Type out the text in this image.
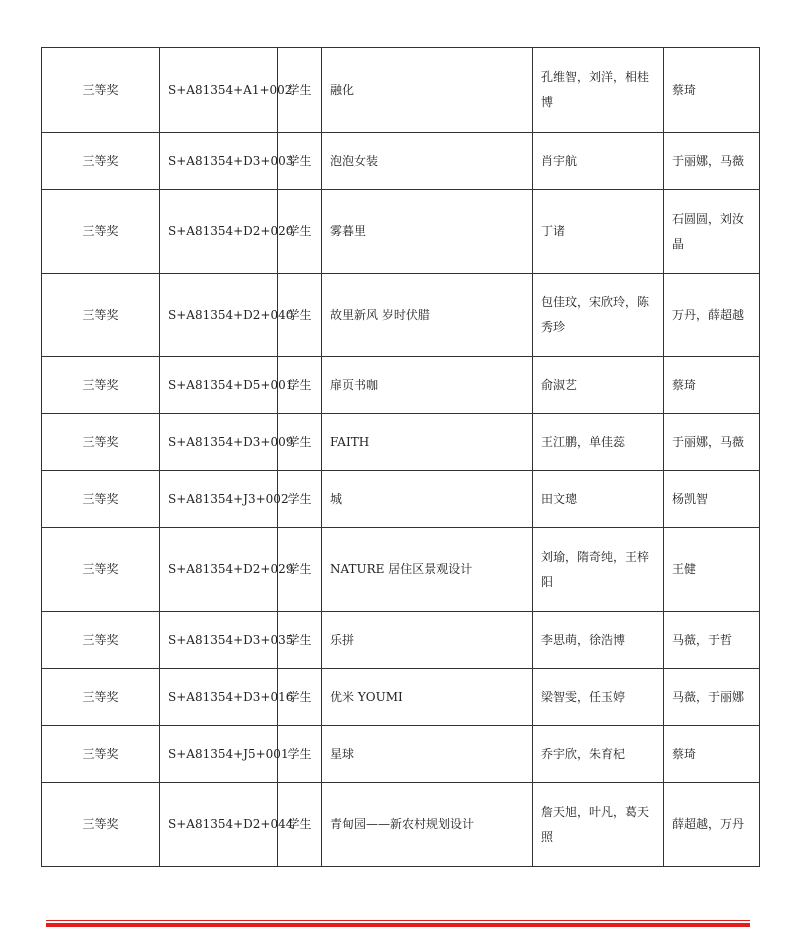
三等奖	S+A81354+A1+002	学生	融化	孔维智，刘洋，相桂博	蔡琦
三等奖	S+A81354+D3+003	学生	泡泡女装	肖宇航	于丽娜，马薇
三等奖	S+A81354+D2+020	学生	雾暮里	丁诸	石圆圆，刘汝晶
三等奖	S+A81354+D2+040	学生	故里新风 岁时伏腊	包佳玟，宋欣玲，陈秀珍	万丹，薛超越
三等奖	S+A81354+D5+001	学生	扉页书咖	俞淑艺	蔡琦
三等奖	S+A81354+D3+009	学生	FAITH	王江鹏，单佳蕊	于丽娜，马薇
三等奖	S+A81354+J3+002	学生	城	田文璁	杨凯智
三等奖	S+A81354+D2+029	学生	NATURE 居住区景观设计	刘瑜，隋奇纯，王梓阳	王健
三等奖	S+A81354+D3+035	学生	乐拼	李思萌，徐浩博	马薇，于哲
三等奖	S+A81354+D3+016	学生	优米 YOUMI	梁智雯，任玉婷	马薇，于丽娜
三等奖	S+A81354+J5+001	学生	星球	乔宇欣，朱育杞	蔡琦
三等奖	S+A81354+D2+044	学生	青甸园——新农村规划设计	詹天旭，叶凡，葛天照	薛超越，万丹
